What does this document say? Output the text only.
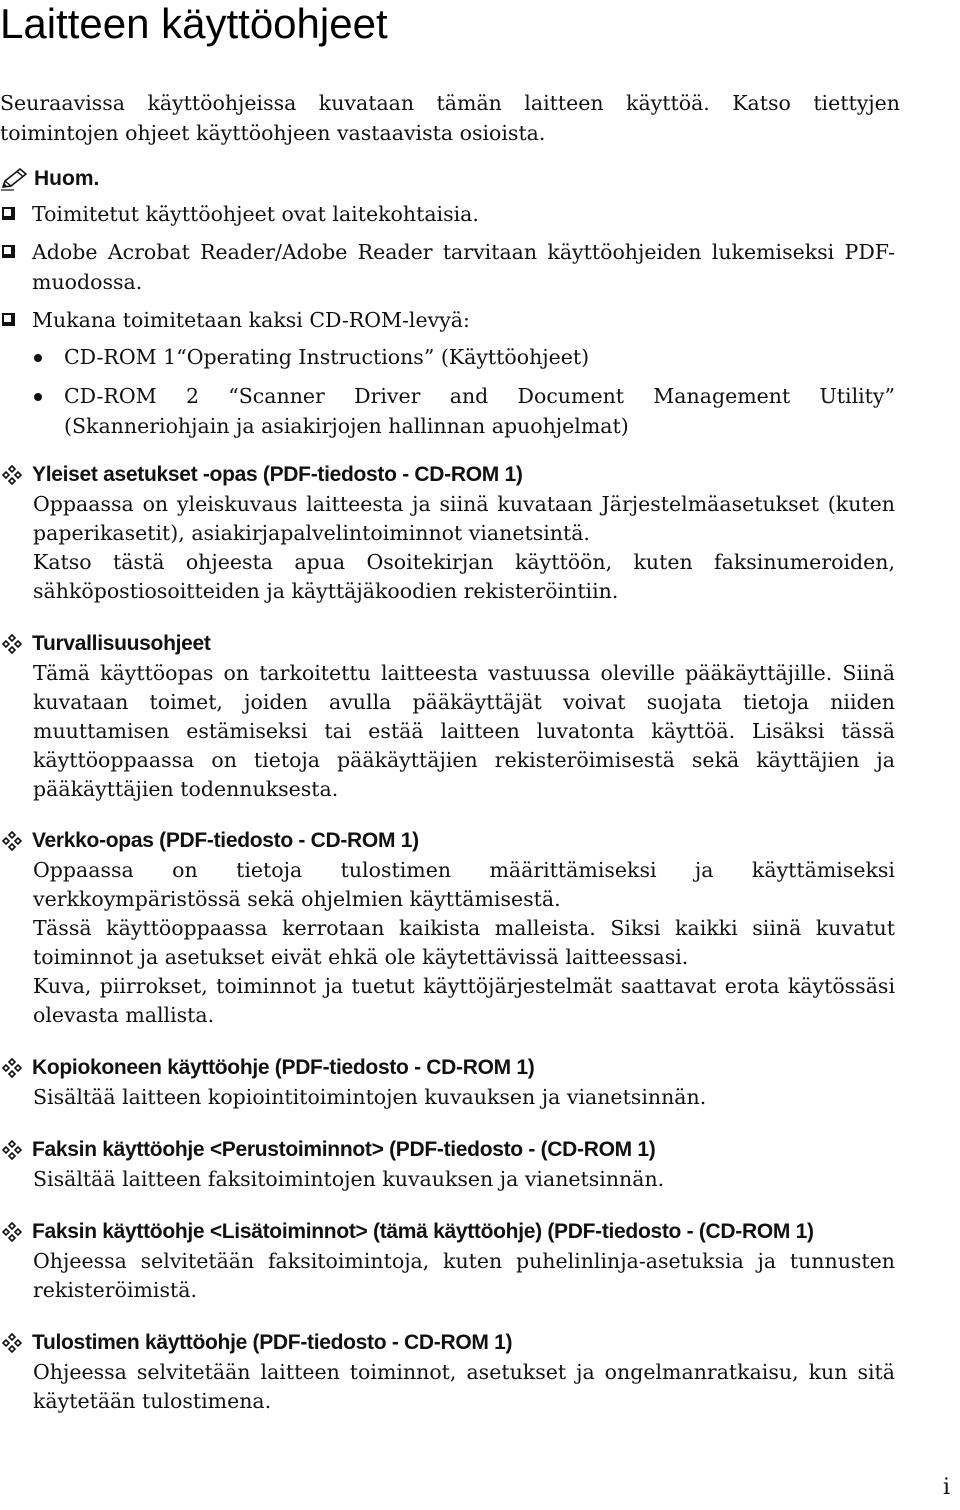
Laitteen käyttöohjeet
Seuraavissa käyttöohjeissa kuvataan tämän laitteen käyttöä. Katso tiettyjen toimintojen ohjeet käyttöohjeen vastaavista osioista.
Huom.
Toimitetut käyttöohjeet ovat laitekohtaisia.
Adobe Acrobat Reader/Adobe Reader tarvitaan käyttöohjeiden lukemiseksi PDF-muodossa.
Mukana toimitetaan kaksi CD-ROM-levyä:
CD-ROM 1“Operating Instructions” (Käyttöohjeet)
CD-ROM 2 “Scanner Driver and Document Management Utility” (Skanneriohjain ja asiakirjojen hallinnan apuohjelmat)
Yleiset asetukset -opas (PDF-tiedosto - CD-ROM 1)

Oppaassa on yleiskuvaus laitteesta ja siinä kuvataan Järjestelmäasetukset (kuten paperikasetit), asiakirjapalvelintoiminnot vianetsintä.

Katso tästä ohjeesta apua Osoitekirjan käyttöön, kuten faksinumeroiden, sähköpostiosoitteiden ja käyttäjäkoodien rekisteröintiin.

Turvallisuusohjeet

Tämä käyttöopas on tarkoitettu laitteesta vastuussa oleville pääkäyttäjille. Siinä kuvataan toimet, joiden avulla pääkäyttäjät voivat suojata tietoja niiden muuttamisen estämiseksi tai estää laitteen luvatonta käyttöä. Lisäksi tässä käyttöoppaassa on tietoja pääkäyttäjien rekisteröimisestä sekä käyttäjien ja pääkäyttäjien todennuksesta.

Verkko-opas (PDF-tiedosto - CD-ROM 1)

Oppaassa on tietoja tulostimen määrittämiseksi ja käyttämiseksi verkkoympäristössä sekä ohjelmien käyttämisestä.

Tässä käyttöoppaassa kerrotaan kaikista malleista. Siksi kaikki siinä kuvatut toiminnot ja asetukset eivät ehkä ole käytettävissä laitteessasi.

Kuva, piirrokset, toiminnot ja tuetut käyttöjärjestelmät saattavat erota käytössäsi olevasta mallista.

Kopiokoneen käyttöohje (PDF-tiedosto - CD-ROM 1)

Sisältää laitteen kopiointitoimintojen kuvauksen ja vianetsinnän.

Faksin käyttöohje <Perustoiminnot> (PDF-tiedosto - (CD-ROM 1)

Sisältää laitteen faksitoimintojen kuvauksen ja vianetsinnän.

Faksin käyttöohje <Lisätoiminnot> (tämä käyttöohje) (PDF-tiedosto - (CD-ROM 1)

Ohjeessa selvitetään faksitoimintoja, kuten puhelinlinja-asetuksia ja tunnusten rekisteröimistä.

Tulostimen käyttöohje (PDF-tiedosto - CD-ROM 1)

Ohjeessa selvitetään laitteen toiminnot, asetukset ja ongelmanratkaisu, kun sitä käytetään tulostimena.

i
